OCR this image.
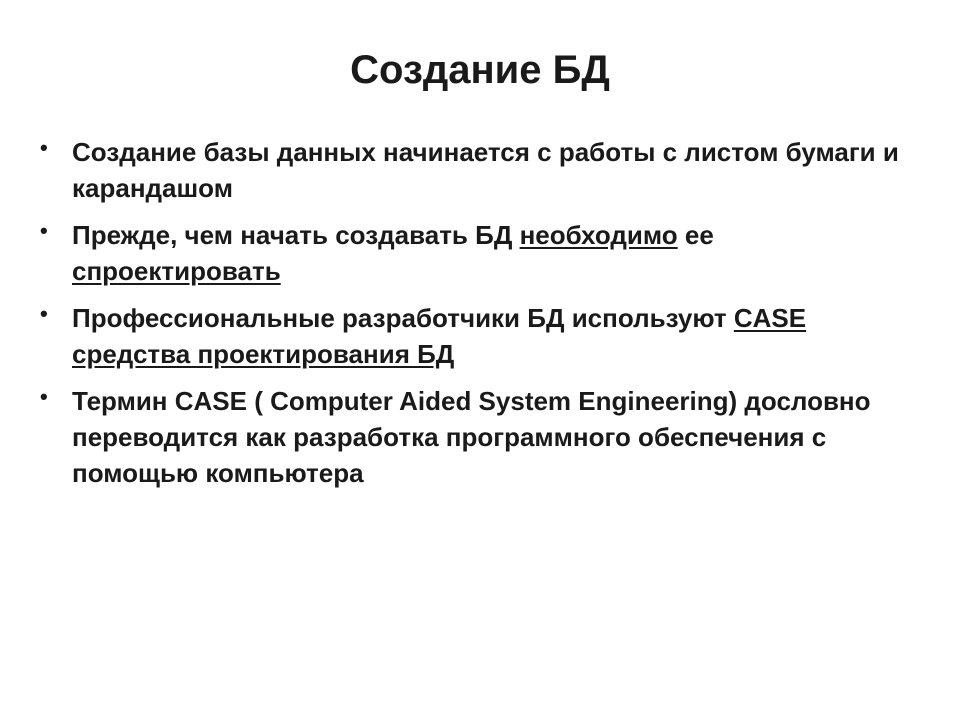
Создание БД
• Создание базы данных начинается с работы с листом бумаги и карандашом
• Прежде, чем начать создавать БД необходимо ее спроектировать
• Профессиональные разработчики БД используют CASE средства проектирования БД
• Термин CASE ( Computer Aided System Engineering) дословно переводится как разработка программного обеспечения с помощью компьютера
